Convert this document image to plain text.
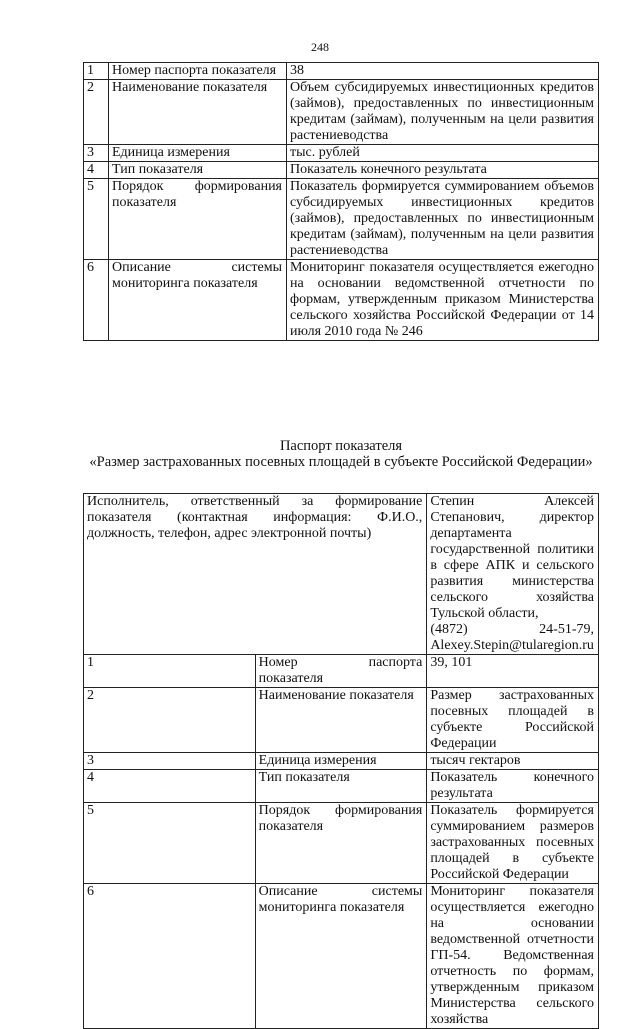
248
1	Номер паспорта показателя	38
2	Наименование показателя	Объем субсидируемых инвестиционных кредитов (займов), предоставленных по инвестиционным кредитам (займам), полученным на цели развития растениеводства
3	Единица измерения	тыс. рублей
4	Тип показателя	Показатель конечного результата
5	Порядок формирования показателя	Показатель формируется суммированием объемов субсидируемых инвестиционных кредитов (займов), предоставленных по инвестиционным кредитам (займам), полученным на цели развития растениеводства
6	Описание системы мониторинга показателя	Мониторинг показателя осуществляется ежегодно на основании ведомственной отчетности по формам, утвержденным приказом Министерства сельского хозяйства Российской Федерации от 14 июля 2010 года № 246
Паспорт показателя
«Размер застрахованных посевных площадей в субъекте Российской Федерации»
Исполнитель, ответственный за формирование показателя (контактная информация: Ф.И.О., должность, телефон, адрес электронной почты)		Степин Алексей Степанович, директор департамента государственной политики в сфере АПК и сельского развития министерства сельского хозяйства Тульской области,
(4872) 24-51-79, Alexey.Stepin@tularegion.ru

1	Номер паспорта показателя	39, 101
2	Наименование показателя	Размер застрахованных посевных площадей в субъекте Российской Федерации
3	Единица измерения	тысяч гектаров
4	Тип показателя	Показатель конечного результата
5	Порядок формирования показателя	Показатель формируется суммированием размеров застрахованных посевных площадей в субъекте Российской Федерации
6	Описание системы мониторинга показателя	Мониторинг показателя осуществляется ежегодно на основании ведомственной отчетности ГП-54. Ведомственная отчетность по формам, утвержденным приказом Министерства сельского хозяйства
